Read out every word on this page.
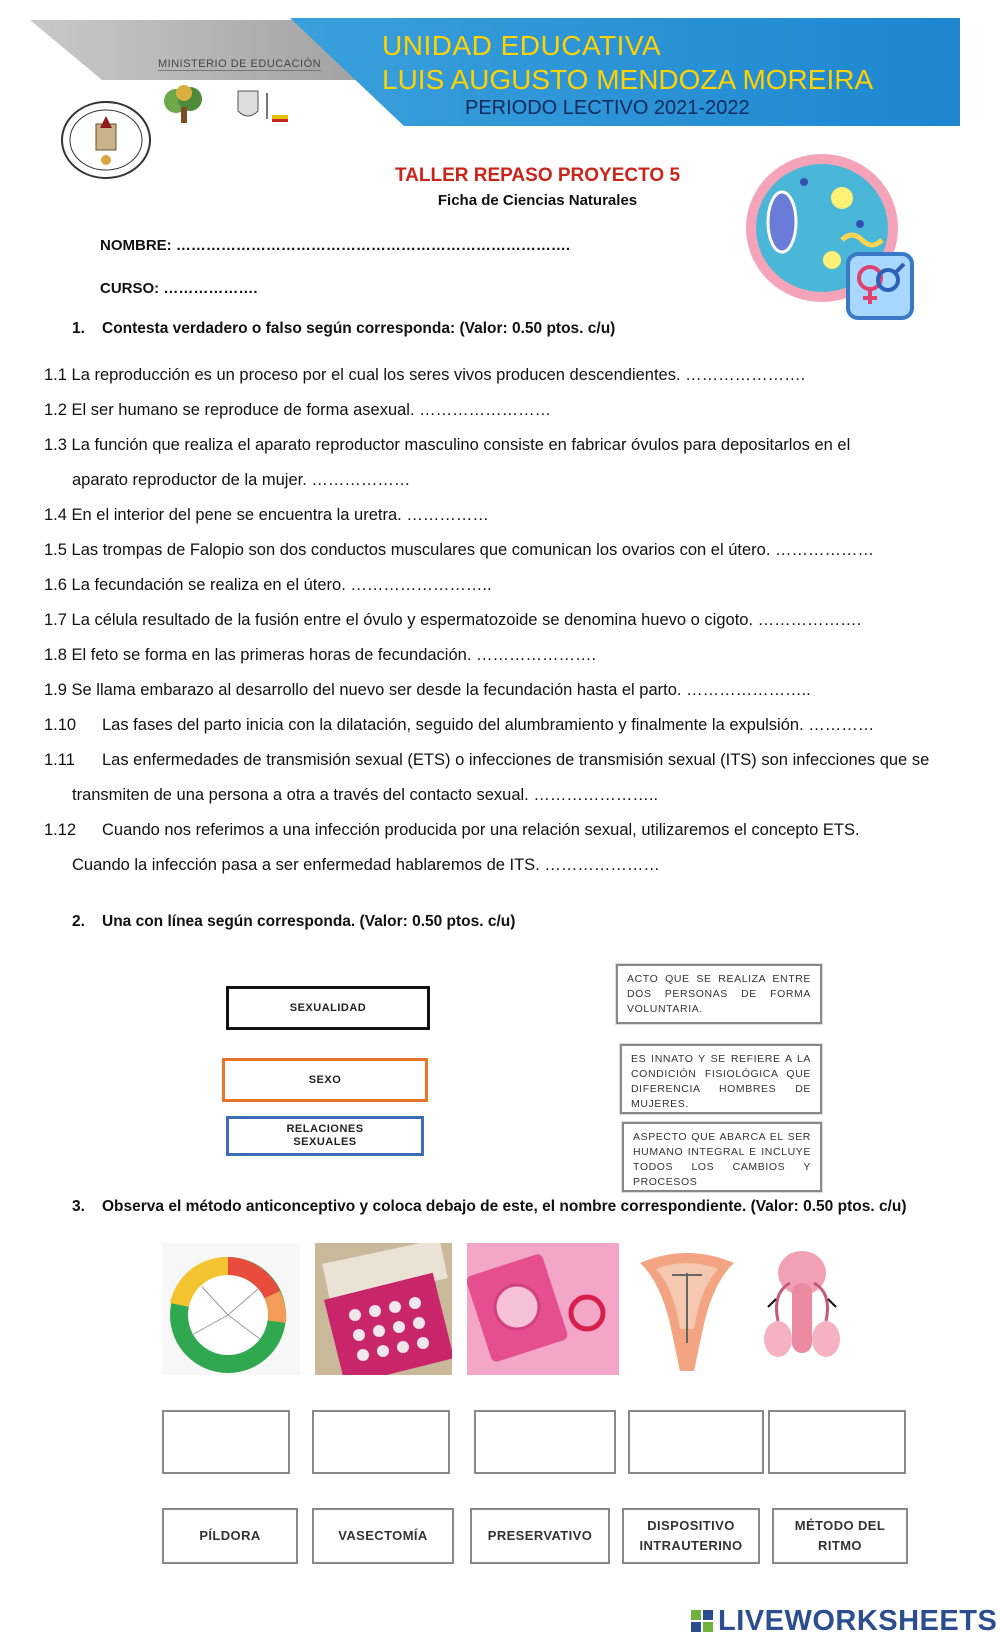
UNIDAD EDUCATIVA
LUIS AUGUSTO MENDOZA MOREIRA
PERIODO LECTIVO 2021-2022
MINISTERIO DE EDUCACIÓN
TALLER REPASO PROYECTO 5
Ficha de Ciencias Naturales
NOMBRE: …………………………………………………………………….
CURSO: ……………….
1. Contesta verdadero o falso según corresponda: (Valor: 0.50 ptos. c/u)
1.1 La reproducción es un proceso por el cual los seres vivos producen descendientes. ………………….
1.2 El ser humano se reproduce de forma asexual. ……………………
1.3 La función que realiza el aparato reproductor masculino consiste en fabricar óvulos para depositarlos en el
aparato reproductor de la mujer. ………………
1.4 En el interior del pene se encuentra la uretra. ……………
1.5 Las trompas de Falopio son dos conductos musculares que comunican los ovarios con el útero. ………………
1.6 La fecundación se realiza en el útero. ……………………..
1.7 La célula resultado de la fusión entre el óvulo y espermatozoide se denomina huevo o cigoto. ……………….
1.8 El feto se forma en las primeras horas de fecundación. ………………….
1.9 Se llama embarazo al desarrollo del nuevo ser desde la fecundación hasta el parto. …………………..
1.10 Las fases del parto inicia con la dilatación, seguido del alumbramiento y finalmente la expulsión. …………
1.11 Las enfermedades de transmisión sexual (ETS) o infecciones de transmisión sexual (ITS) son infecciones que se
transmiten de una persona a otra a través del contacto sexual. …………………..
1.12 Cuando nos referimos a una infección producida por una relación sexual, utilizaremos el concepto ETS.
Cuando la infección pasa a ser enfermedad hablaremos de ITS. …………………
2. Una con línea según corresponda. (Valor: 0.50 ptos. c/u)
SEXUALIDAD
SEXO
RELACIONES SEXUALES
ACTO QUE SE REALIZA ENTRE DOS PERSONAS DE FORMA VOLUNTARIA.
ES INNATO Y SE REFIERE A LA CONDICIÓN FISIOLÓGICA QUE DIFERENCIA HOMBRES DE MUJERES.
ASPECTO QUE ABARCA EL SER HUMANO INTEGRAL E INCLUYE TODOS LOS CAMBIOS Y PROCESOS
3. Observa el método anticonceptivo y coloca debajo de este, el nombre correspondiente. (Valor: 0.50 ptos. c/u)
PÍLDORA	VASECTOMÍA	PRESERVATIVO
DISPOSITIVO INTRAUTERINO
MÉTODO DEL RITMO
LIVEWORKSHEETS
